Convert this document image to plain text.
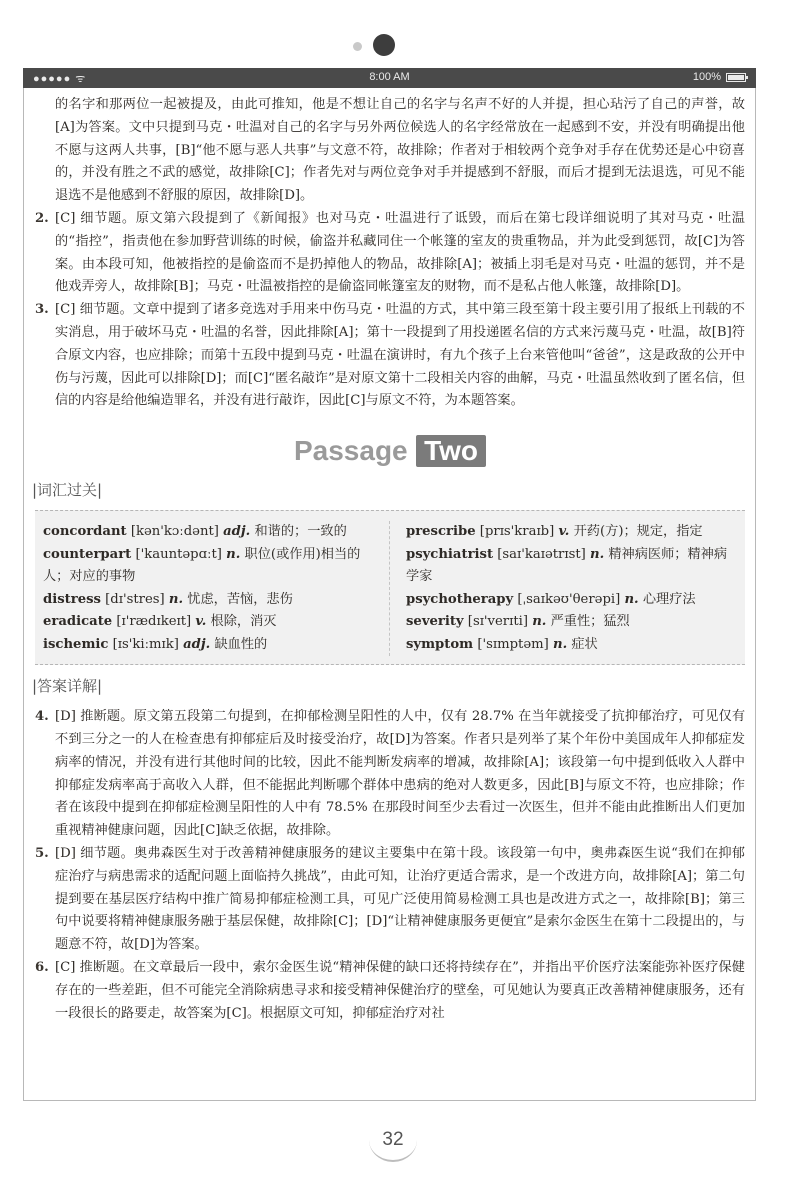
●●●●● ᯤ	8:00 AM	100%

的名字和那两位一起被提及，由此可推知，他是不想让自己的名字与名声不好的人并提，担心玷污了自己的声誉，故[A]为答案。文中只提到马克・吐温对自己的名字与另外两位候选人的名字经常放在一起感到不安，并没有明确提出他不愿与这两人共事，[B]“他不愿与恶人共事”与文意不符，故排除；作者对于相较两个竞争对手存在优势还是心中窃喜的，并没有胜之不武的感觉，故排除[C]；作者先对与两位竞争对手并提感到不舒服，而后才提到无法退选，可见不能退选不是他感到不舒服的原因，故排除[D]。

2. [C] 细节题。原文第六段提到了《新闻报》也对马克・吐温进行了诋毁，而后在第七段详细说明了其对马克・吐温的“指控”，指责他在参加野营训练的时候，偷盗并私藏同住一个帐篷的室友的贵重物品，并为此受到惩罚，故[C]为答案。由本段可知，他被指控的是偷盗而不是扔掉他人的物品，故排除[A]；被插上羽毛是对马克・吐温的惩罚，并不是他戏弄旁人，故排除[B]；马克・吐温被指控的是偷盗同帐篷室友的财物，而不是私占他人帐篷，故排除[D]。

3. [C] 细节题。文章中提到了诸多竞选对手用来中伤马克・吐温的方式，其中第三段至第十段主要引用了报纸上刊载的不实消息，用于破坏马克・吐温的名誉，因此排除[A]；第十一段提到了用投递匿名信的方式来污蔑马克・吐温，故[B]符合原文内容，也应排除；而第十五段中提到马克・吐温在演讲时，有九个孩子上台来管他叫“爸爸”，这是政敌的公开中伤与污蔑，因此可以排除[D]；而[C]“匿名敲诈”是对原文第十二段相关内容的曲解，马克・吐温虽然收到了匿名信，但信的内容是给他编造罪名，并没有进行敲诈，因此[C]与原文不符，为本题答案。

Passage Two
|词汇过关|

concordant [kən'kɔːdənt] adj. 和谐的；一致的

counterpart ['kauntəpɑːt] n. 职位(或作用)相当的人；对应的事物

distress [dɪ'stres] n. 忧虑，苦恼，悲伤

eradicate [ɪ'rædɪkeɪt] v. 根除，消灭

ischemic [ɪs'kiːmɪk] adj. 缺血性的

prescribe [prɪs'kraɪb] v. 开药(方)；规定，指定

psychiatrist [saɪ'kaɪətrɪst] n. 精神病医师；精神病学家

psychotherapy [ˌsaɪkəʊ'θerəpi] n. 心理疗法

severity [sɪ'verɪti] n. 严重性；猛烈

symptom ['sɪmptəm] n. 症状

|答案详解|

4. [D] 推断题。原文第五段第二句提到，在抑郁检测呈阳性的人中，仅有 28.7% 在当年就接受了抗抑郁治疗，可见仅有不到三分之一的人在检查患有抑郁症后及时接受治疗，故[D]为答案。作者只是列举了某个年份中美国成年人抑郁症发病率的情况，并没有进行其他时间的比较，因此不能判断发病率的增减，故排除[A]；该段第一句中提到低收入人群中抑郁症发病率高于高收入人群，但不能据此判断哪个群体中患病的绝对人数更多，因此[B]与原文不符，也应排除；作者在该段中提到在抑郁症检测呈阳性的人中有 78.5% 在那段时间至少去看过一次医生，但并不能由此推断出人们更加重视精神健康问题，因此[C]缺乏依据，故排除。

5. [D] 细节题。奥弗森医生对于改善精神健康服务的建议主要集中在第十段。该段第一句中，奥弗森医生说“我们在抑郁症治疗与病患需求的适配问题上面临持久挑战”，由此可知，让治疗更适合需求，是一个改进方向，故排除[A]；第二句提到要在基层医疗结构中推广简易抑郁症检测工具，可见广泛使用简易检测工具也是改进方式之一，故排除[B]；第三句中说要将精神健康服务融于基层保健，故排除[C]；[D]“让精神健康服务更便宜”是索尔金医生在第十二段提出的，与题意不符，故[D]为答案。

6. [C] 推断题。在文章最后一段中，索尔金医生说“精神保健的缺口还将持续存在”，并指出平价医疗法案能弥补医疗保健存在的一些差距，但不可能完全消除病患寻求和接受精神保健治疗的壁垒，可见她认为要真正改善精神健康服务，还有一段很长的路要走，故答案为[C]。根据原文可知，抑郁症治疗对社

32
